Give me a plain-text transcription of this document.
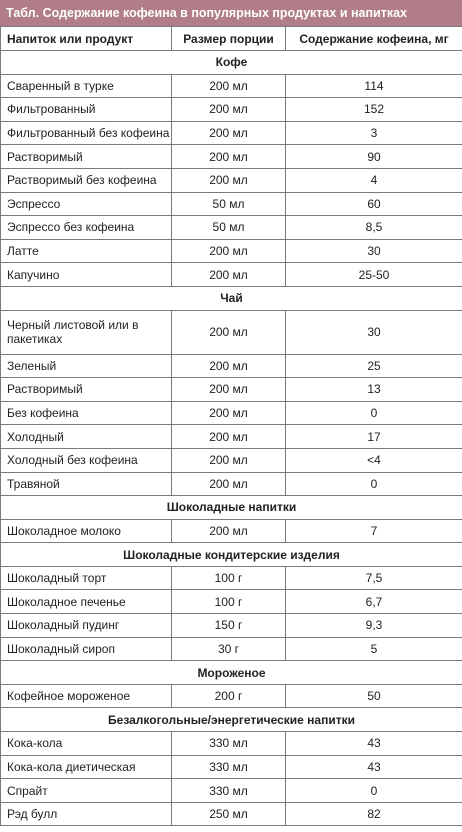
Табл. Содержание кофеина в популярных продуктах и напитках
Напиток или продукт	Размер порции	Содержание кофеина, мг
Кофе		
Сваренный в турке	200 мл	114
Фильтрованный	200 мл	152
Фильтрованный без кофеина	200 мл	3
Растворимый	200 мл	90
Растворимый без кофеина	200 мл	4
Эспрессо	50 мл	60
Эспрессо без кофеина	50 мл	8,5
Латте	200 мл	30
Капучино	200 мл	25-50
Чай		
Черный листовой или в пакетиках	200 мл	30
Зеленый	200 мл	25
Растворимый	200 мл	13
Без кофеина	200 мл	0
Холодный	200 мл	17
Холодный без кофеина	200 мл	<4
Травяной	200 мл	0
Шоколадные напитки		
Шоколадное молоко	200 мл	7
Шоколадные кондитерские изделия		
Шоколадный торт	100 г	7,5
Шоколадное печенье	100 г	6,7
Шоколадный пудинг	150 г	9,3
Шоколадный сироп	30 г	5
Мороженое		
Кофейное мороженое	200 г	50
Безалкогольные/энергетические напитки		
Кока-кола	330 мл	43
Кока-кола диетическая	330 мл	43
Спрайт	330 мл	0
Рэд булл	250 мл	82
